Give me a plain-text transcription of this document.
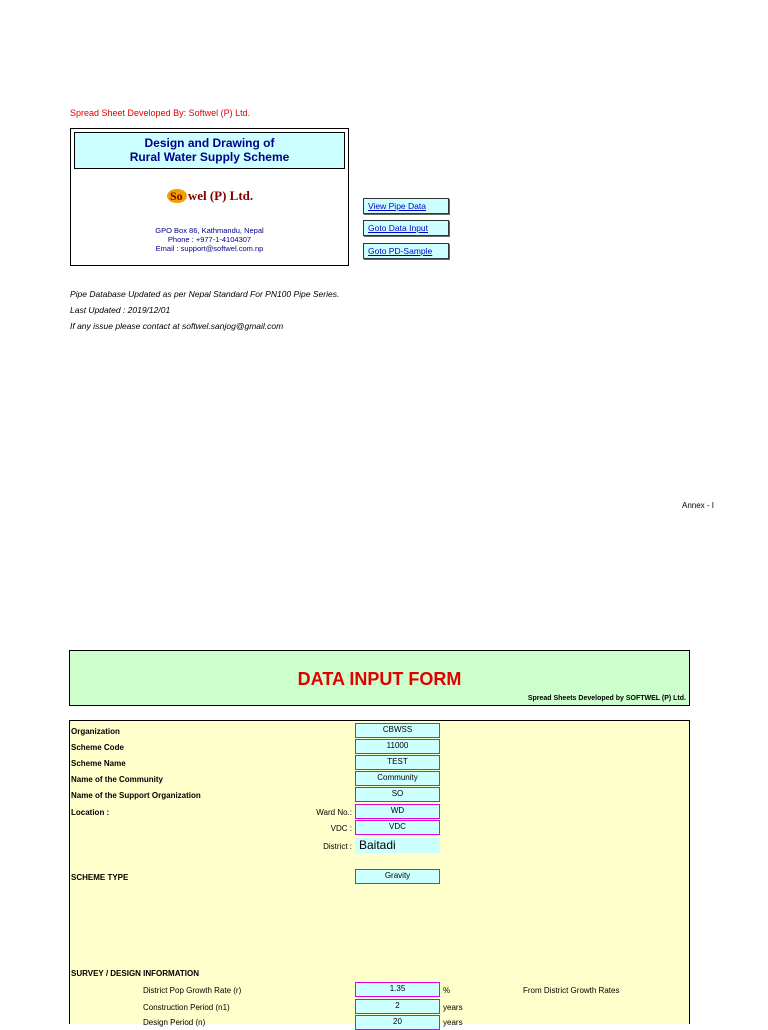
Spread Sheet Developed By: Softwel (P) Ltd.
Design and Drawing of
Rural Water Supply Scheme
So wel (P) Ltd.
GPO Box 86, Kathmandu, Nepal
Phone : +977-1-4104307
Email : support@softwel.com.np
View Pipe Data
Goto Data Input
Goto PD-Sample
Pipe Database Updated as per Nepal Standard For PN100 Pipe Series.
Last Updated : 2019/12/01
If any issue please contact at softwel.sanjog@gmail.com
Annex - I
DATA INPUT FORM
Spread Sheets Developed by SOFTWEL (P) Ltd.
Organization
Scheme Code
Scheme Name
Name of the Community
Name of the Support Organization
Location :	Ward No.:
VDC :
District :
SCHEME TYPE
SURVEY / DESIGN INFORMATION
District Pop Growth Rate (r)
Construction Period (n1)
Design Period (n)
CBWSS
11000
TEST
Community
SO
WD
VDC
Baitadi
Gravity
1.35
2
20
%	From District Growth Rates
years
years
